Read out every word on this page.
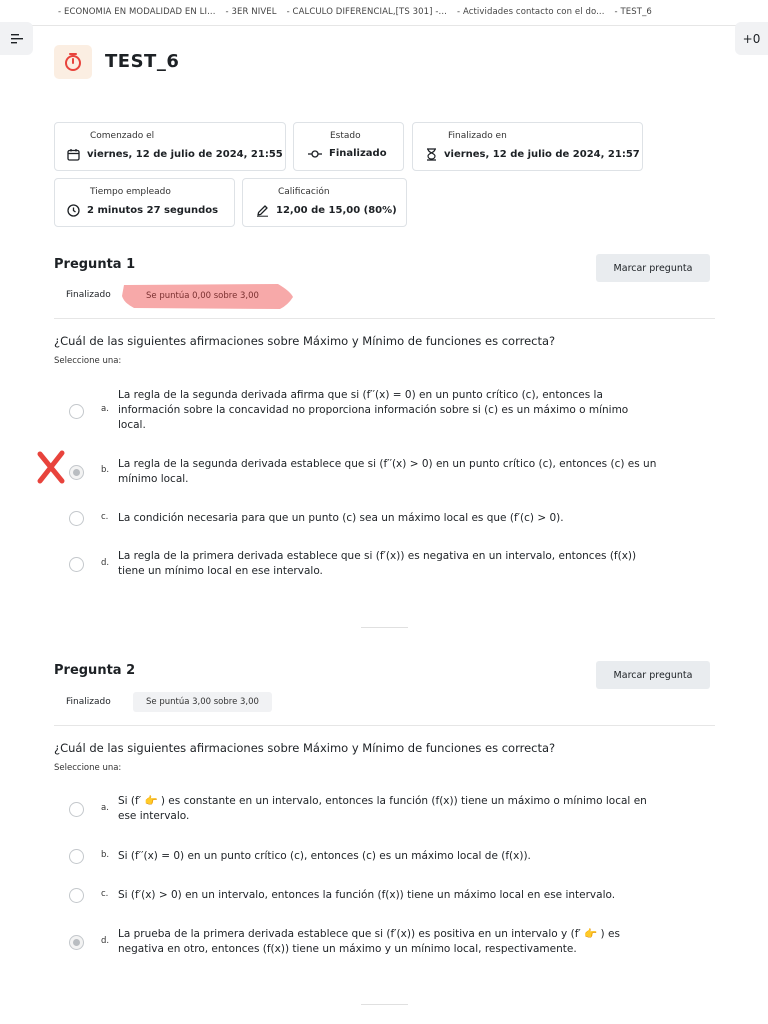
- ECONOMÍA EN MODALIDAD EN LÍ... - 3ER NIVEL - CÁLCULO DIFERENCIAL,[TS 301] -... - Actividades contacto con el do... - TEST_6
+0
TEST_6
Comenzado el
viernes, 12 de julio de 2024, 21:55
Estado
Finalizado
Finalizado en
viernes, 12 de julio de 2024, 21:57
Tiempo empleado
2 minutos 27 segundos
Calificación
12,00 de 15,00 (80%)
Pregunta 1	Marcar pregunta
Finalizado	Se puntúa 0,00 sobre 3,00
¿Cuál de las siguientes afirmaciones sobre Máximo y Mínimo de funciones es correcta?
Seleccione una:
a.
La regla de la segunda derivada afirma que si (f′′(x) = 0) en un punto crítico (c), entonces la
información sobre la concavidad no proporciona información sobre si (c) es un máximo o mínimo
local.
b. La regla de la segunda derivada establece que si (f′′(x) > 0) en un punto crítico (c), entonces (c) es un
mínimo local.
c. La condición necesaria para que un punto (c) sea un máximo local es que (f′(c) > 0).
d.
La regla de la primera derivada establece que si (f′(x)) es negativa en un intervalo, entonces (f(x))
tiene un mínimo local en ese intervalo.
Pregunta 2	Marcar pregunta
Finalizado	Se puntúa 3,00 sobre 3,00
¿Cuál de las siguientes afirmaciones sobre Máximo y Mínimo de funciones es correcta?
Seleccione una:
a.
Si (f′ 👉 ) es constante en un intervalo, entonces la función (f(x)) tiene un máximo o mínimo local en
ese intervalo.
b. Si (f′′(x) = 0) en un punto crítico (c), entonces (c) es un máximo local de (f(x)).
c. Si (f′(x) > 0) en un intervalo, entonces la función (f(x)) tiene un máximo local en ese intervalo.
d.
La prueba de la primera derivada establece que si (f′(x)) es positiva en un intervalo y (f′ 👉 ) es
negativa en otro, entonces (f(x)) tiene un máximo y un mínimo local, respectivamente.
